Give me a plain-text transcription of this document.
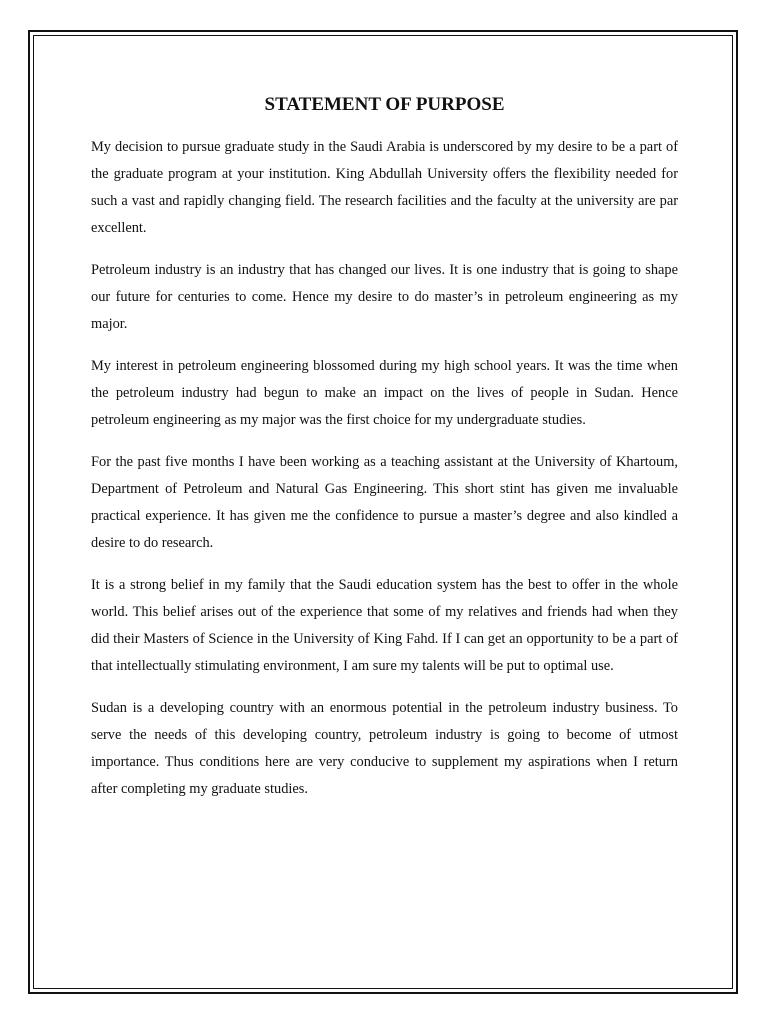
STATEMENT OF PURPOSE

My decision to pursue graduate study in the Saudi Arabia is underscored by my desire to be a part of the graduate program at your institution. King Abdullah University offers the flexibility needed for such a vast and rapidly changing field. The research facilities and the faculty at the university are par excellent.

Petroleum industry is an industry that has changed our lives. It is one industry that is going to shape our future for centuries to come. Hence my desire to do master’s in petroleum engineering as my major.

My interest in petroleum engineering blossomed during my high school years. It was the time when the petroleum industry had begun to make an impact on the lives of people in Sudan. Hence petroleum engineering as my major was the first choice for my undergraduate studies.

For the past five months I have been working as a teaching assistant at the University of Khartoum, Department of Petroleum and Natural Gas Engineering. This short stint has given me invaluable practical experience. It has given me the confidence to pursue a master’s degree and also kindled a desire to do research.

It is a strong belief in my family that the Saudi education system has the best to offer in the whole world. This belief arises out of the experience that some of my relatives and friends had when they did their Masters of Science in the University of King Fahd. If I can get an opportunity to be a part of that intellectually stimulating environment, I am sure my talents will be put to optimal use.

Sudan is a developing country with an enormous potential in the petroleum industry business. To serve the needs of this developing country, petroleum industry is going to become of utmost importance. Thus conditions here are very conducive to supplement my aspirations when I return after completing my graduate studies.
